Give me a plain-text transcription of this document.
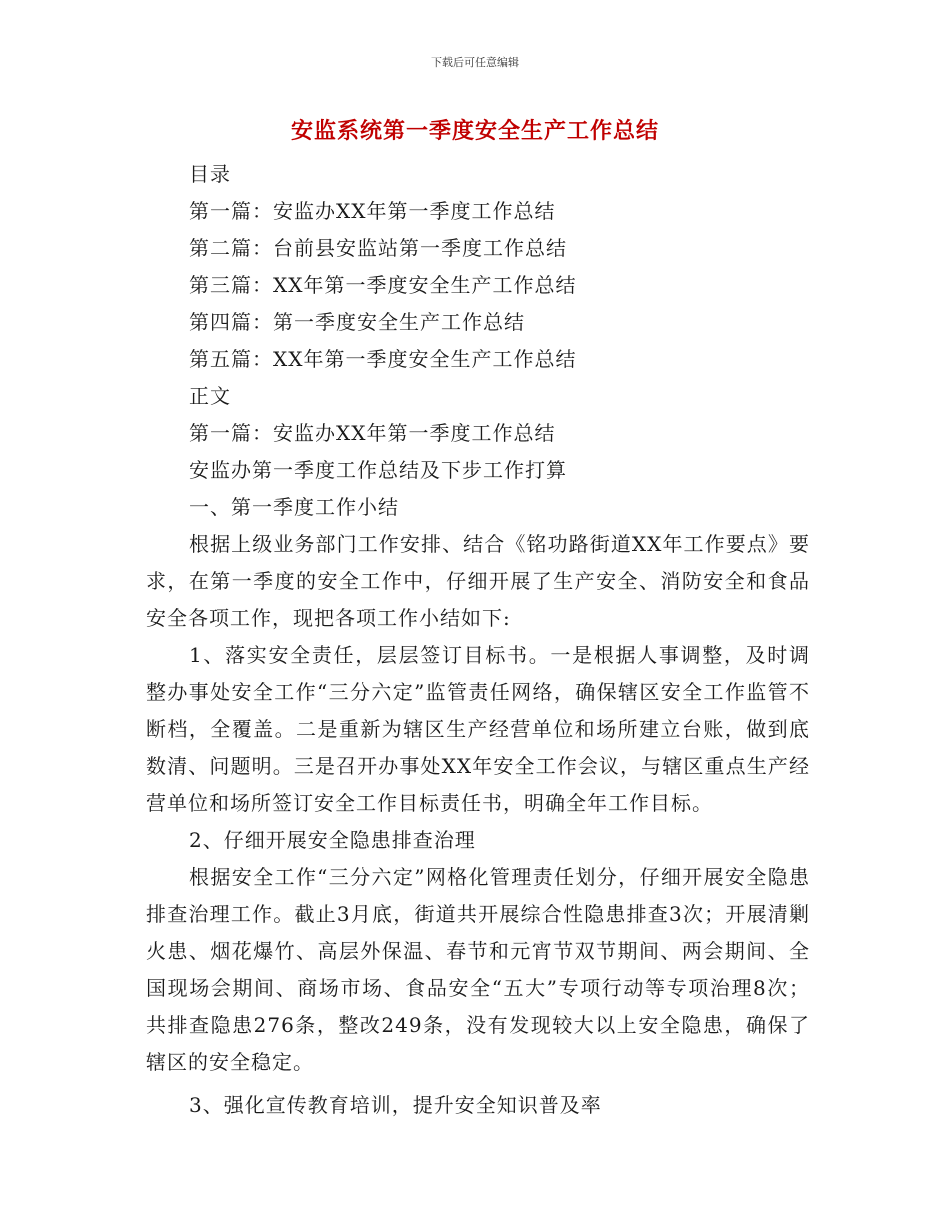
下载后可任意编辑
安监系统第一季度安全生产工作总结

目录

第一篇：安监办XX年第一季度工作总结

第二篇：台前县安监站第一季度工作总结

第三篇：XX年第一季度安全生产工作总结

第四篇：第一季度安全生产工作总结

第五篇：XX年第一季度安全生产工作总结

正文

第一篇：安监办XX年第一季度工作总结

安监办第一季度工作总结及下步工作打算

一、第一季度工作小结

根据上级业务部门工作安排、结合《铭功路街道XX年工作要点》要求，在第一季度的安全工作中，仔细开展了生产安全、消防安全和食品安全各项工作，现把各项工作小结如下:

1、落实安全责任，层层签订目标书。一是根据人事调整，及时调整办事处安全工作“三分六定”监管责任网络，确保辖区安全工作监管不断档，全覆盖。二是重新为辖区生产经营单位和场所建立台账，做到底数清、问题明。三是召开办事处XX年安全工作会议，与辖区重点生产经营单位和场所签订安全工作目标责任书，明确全年工作目标。

2、仔细开展安全隐患排查治理

根据安全工作“三分六定”网格化管理责任划分，仔细开展安全隐患排查治理工作。截止3月底，街道共开展综合性隐患排查3次；开展清剿火患、烟花爆竹、高层外保温、春节和元宵节双节期间、两会期间、全国现场会期间、商场市场、食品安全“五大”专项行动等专项治理8次；共排查隐患276条，整改249条，没有发现较大以上安全隐患，确保了辖区的安全稳定。

3、强化宣传教育培训，提升安全知识普及率
